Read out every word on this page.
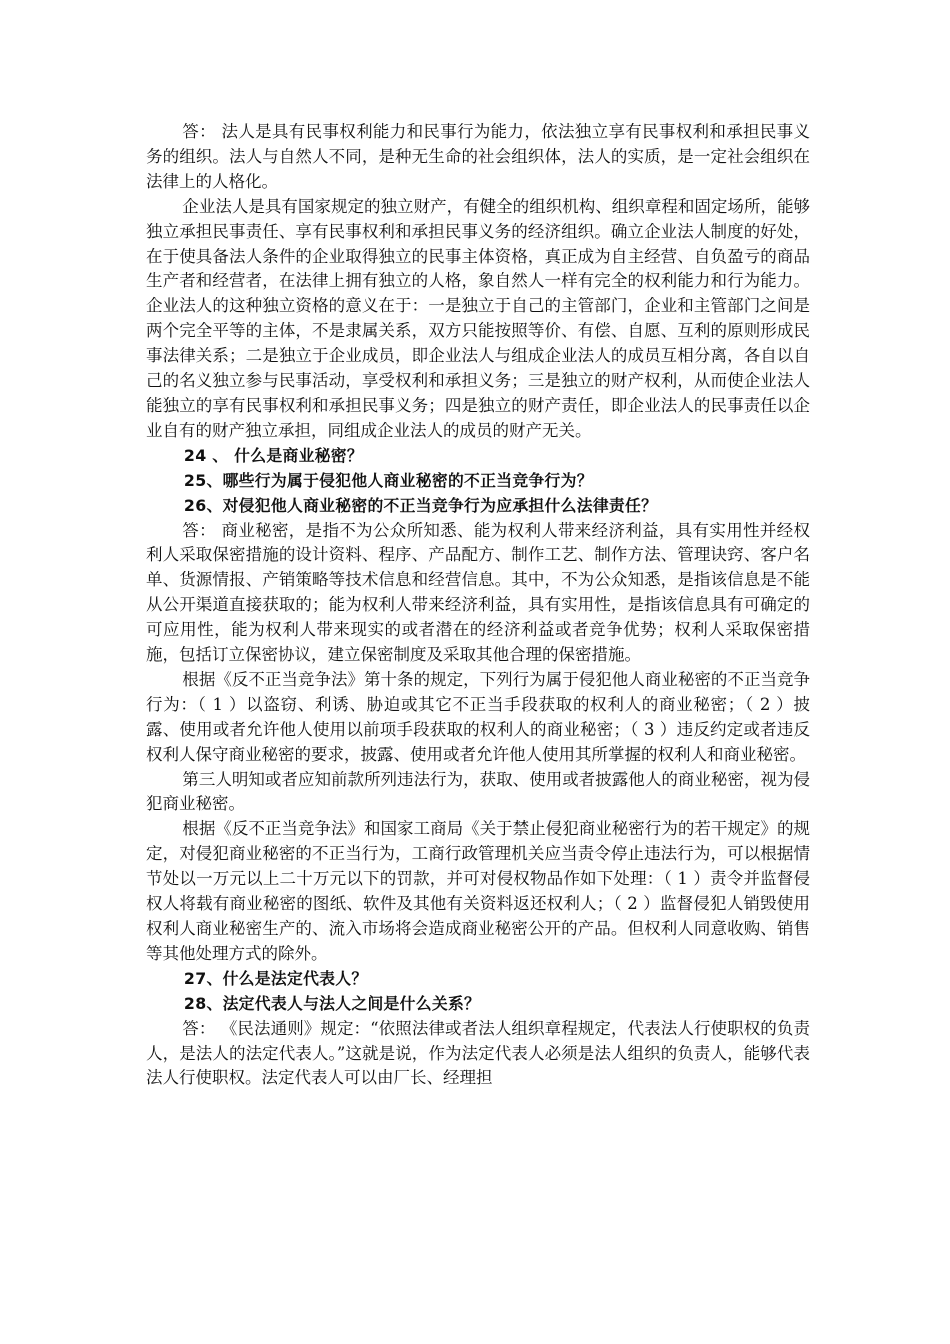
答： 法人是具有民事权利能力和民事行为能力，依法独立享有民事权利和承担民事义务的组织。法人与自然人不同，是种无生命的社会组织体，法人的实质，是一定社会组织在法律上的人格化。

企业法人是具有国家规定的独立财产，有健全的组织机构、组织章程和固定场所，能够独立承担民事责任、享有民事权利和承担民事义务的经济组织。确立企业法人制度的好处，在于使具备法人条件的企业取得独立的民事主体资格，真正成为自主经营、自负盈亏的商品生产者和经营者，在法律上拥有独立的人格，象自然人一样有完全的权利能力和行为能力。企业法人的这种独立资格的意义在于：一是独立于自己的主管部门，企业和主管部门之间是两个完全平等的主体，不是隶属关系，双方只能按照等价、有偿、自愿、互利的原则形成民事法律关系；二是独立于企业成员，即企业法人与组成企业法人的成员互相分离，各自以自己的名义独立参与民事活动，享受权利和承担义务；三是独立的财产权利，从而使企业法人能独立的享有民事权利和承担民事义务；四是独立的财产责任，即企业法人的民事责任以企业自有的财产独立承担，同组成企业法人的成员的财产无关。

24 、 什么是商业秘密？

25、哪些行为属于侵犯他人商业秘密的不正当竞争行为？

26、对侵犯他人商业秘密的不正当竞争行为应承担什么法律责任？

答： 商业秘密，是指不为公众所知悉、能为权利人带来经济利益，具有实用性并经权利人采取保密措施的设计资料、程序、产品配方、制作工艺、制作方法、管理诀窍、客户名单、货源情报、产销策略等技术信息和经营信息。其中，不为公众知悉，是指该信息是不能从公开渠道直接获取的；能为权利人带来经济利益，具有实用性，是指该信息具有可确定的可应用性，能为权利人带来现实的或者潜在的经济利益或者竞争优势；权利人采取保密措施，包括订立保密协议，建立保密制度及采取其他合理的保密措施。

根据《反不正当竞争法》第十条的规定，下列行为属于侵犯他人商业秘密的不正当竞争行为：（ 1 ）以盗窃、利诱、胁迫或其它不正当手段获取的权利人的商业秘密；（ 2 ）披露、使用或者允许他人使用以前项手段获取的权利人的商业秘密；（ 3 ）违反约定或者违反权利人保守商业秘密的要求，披露、使用或者允许他人使用其所掌握的权利人和商业秘密。

第三人明知或者应知前款所列违法行为，获取、使用或者披露他人的商业秘密，视为侵犯商业秘密。

根据《反不正当竞争法》和国家工商局《关于禁止侵犯商业秘密行为的若干规定》的规定，对侵犯商业秘密的不正当行为，工商行政管理机关应当责令停止违法行为，可以根据情节处以一万元以上二十万元以下的罚款，并可对侵权物品作如下处理：（ 1 ）责令并监督侵权人将载有商业秘密的图纸、软件及其他有关资料返还权利人；（ 2 ）监督侵犯人销毁使用权利人商业秘密生产的、流入市场将会造成商业秘密公开的产品。但权利人同意收购、销售等其他处理方式的除外。

27、什么是法定代表人？

28、法定代表人与法人之间是什么关系？

答： 《民法通则》规定：“依照法律或者法人组织章程规定，代表法人行使职权的负责人，是法人的法定代表人。”这就是说，作为法定代表人必须是法人组织的负责人，能够代表法人行使职权。法定代表人可以由厂长、经理担
